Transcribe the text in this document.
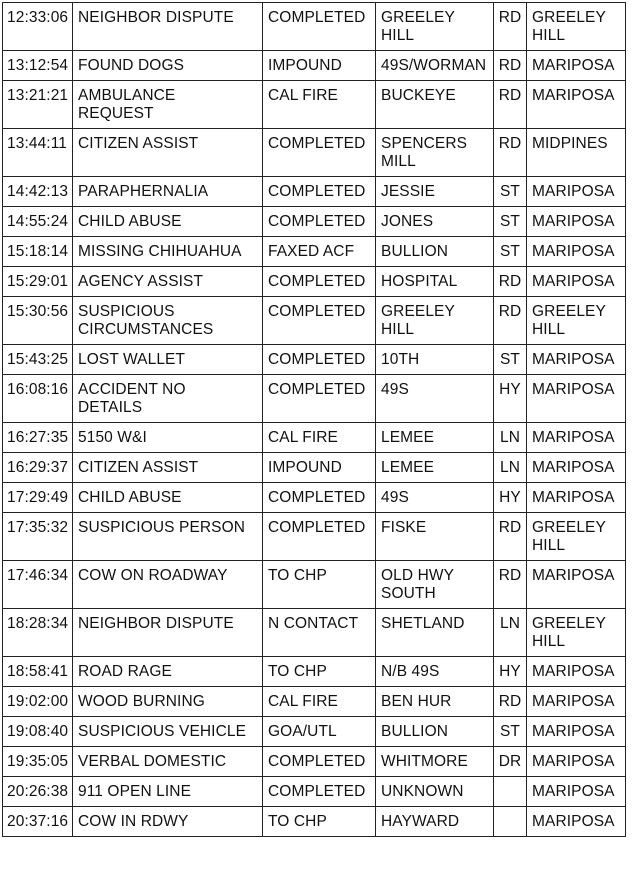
12:33:06	NEIGHBOR DISPUTE	COMPLETED	GREELEY
HILL	RD	GREELEY
HILL
13:12:54	FOUND DOGS	IMPOUND	49S/WORMAN	RD	MARIPOSA
13:21:21	AMBULANCE
REQUEST	CAL FIRE	BUCKEYE	RD	MARIPOSA
13:44:11	CITIZEN ASSIST	COMPLETED	SPENCERS
MILL	RD	MIDPINES
14:42:13	PARAPHERNALIA	COMPLETED	JESSIE	ST	MARIPOSA
14:55:24	CHILD ABUSE	COMPLETED	JONES	ST	MARIPOSA
15:18:14	MISSING CHIHUAHUA	FAXED ACF	BULLION	ST	MARIPOSA
15:29:01	AGENCY ASSIST	COMPLETED	HOSPITAL	RD	MARIPOSA
15:30:56	SUSPICIOUS
CIRCUMSTANCES	COMPLETED	GREELEY
HILL	RD	GREELEY
HILL
15:43:25	LOST WALLET	COMPLETED	10TH	ST	MARIPOSA
16:08:16	ACCIDENT NO
DETAILS	COMPLETED	49S	HY	MARIPOSA
16:27:35	5150 W&I	CAL FIRE	LEMEE	LN	MARIPOSA
16:29:37	CITIZEN ASSIST	IMPOUND	LEMEE	LN	MARIPOSA
17:29:49	CHILD ABUSE	COMPLETED	49S	HY	MARIPOSA
17:35:32	SUSPICIOUS PERSON	COMPLETED	FISKE	RD	GREELEY
HILL
17:46:34	COW ON ROADWAY	TO CHP	OLD HWY
SOUTH	RD	MARIPOSA
18:28:34	NEIGHBOR DISPUTE	N CONTACT	SHETLAND	LN	GREELEY
HILL
18:58:41	ROAD RAGE	TO CHP	N/B 49S	HY	MARIPOSA
19:02:00	WOOD BURNING	CAL FIRE	BEN HUR	RD	MARIPOSA
19:08:40	SUSPICIOUS VEHICLE	GOA/UTL	BULLION	ST	MARIPOSA
19:35:05	VERBAL DOMESTIC	COMPLETED	WHITMORE	DR	MARIPOSA
20:26:38	911 OPEN LINE	COMPLETED	UNKNOWN		MARIPOSA
20:37:16	COW IN RDWY	TO CHP	HAYWARD		MARIPOSA
